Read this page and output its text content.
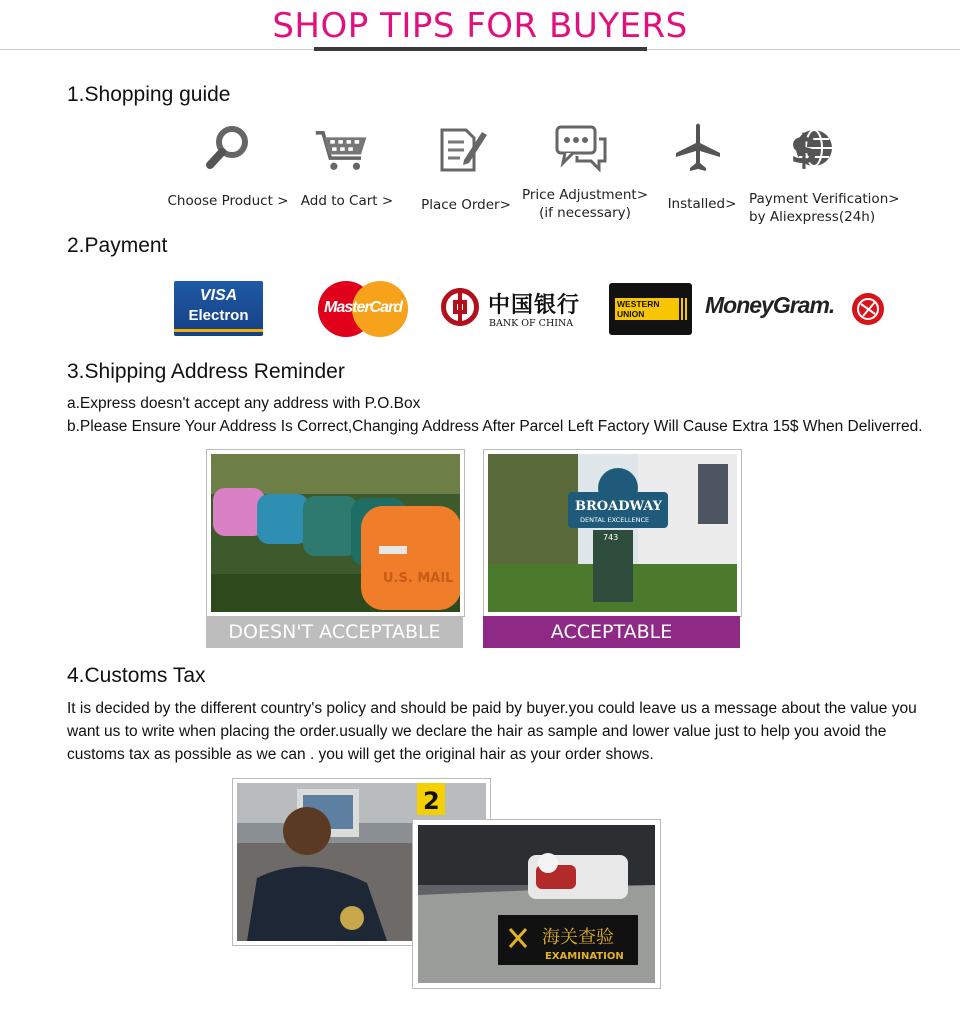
SHOP TIPS FOR BUYERS
1.Shopping guide
$
Choose Product > Add to Cart >	Place Order>
Price Adjustment>
(if necessary)
Installed> Payment Verification>
by Aliexpress(24h)
2.Payment
VISA
Electron	MasterCard	中国银行
BANK OF CHINA
WESTERN
UNION	MoneyGram.
3.Shipping Address Reminder
a.Express doesn't accept any address with P.O.Box
b.Please Ensure Your Address Is Correct,Changing Address After Parcel Left Factory Will Cause Extra 15$ When Deliverred.
U.S. MAIL
DOESN'T ACCEPTABLE
BROADWAY
DENTAL EXCELLENCE
743
ACCEPTABLE
4.Customs Tax
It is decided by the different country's policy and should be paid by buyer.you could leave us a message about the value you
want us to write when placing the order.usually we declare the hair as sample and lower value just to help you avoid the
customs tax as possible as we can . you will get the original hair as your order shows.
2
海关查验
EXAMINATION
